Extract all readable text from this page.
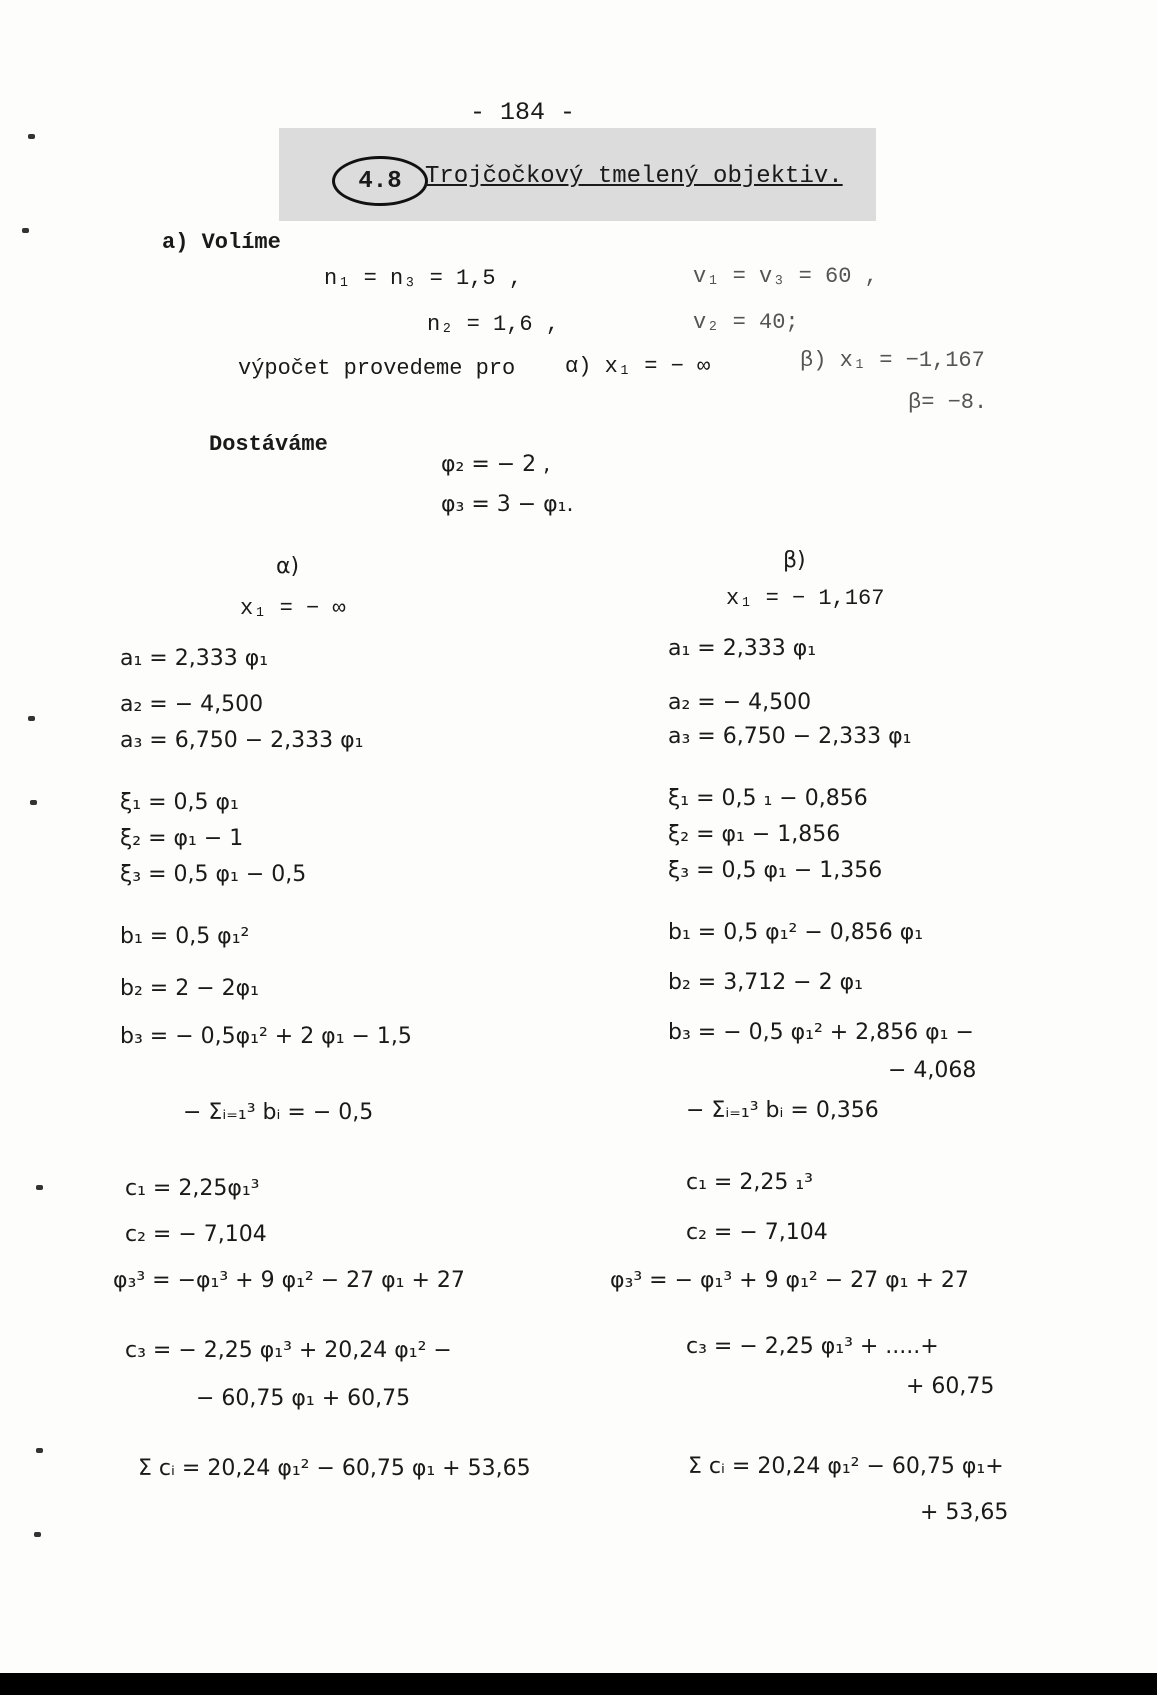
- 184 -
4.8 Trojčočkový tmelený objektiv.
a) Volíme
n₁ = n₃ = 1,5 ,	v₁ = v₃ = 60 ,
n₂ = 1,6 ,	v₂ = 40;
výpočet provedeme pro α) x₁ = − ∞	β) x₁ = −1,167
β= −8.
Dostáváme
φ₂ = − 2 ,
φ₃ = 3 − φ₁.
α)
x₁ = − ∞
a₁ = 2,333 φ₁
a₂ = − 4,500
a₃ = 6,750 − 2,333 φ₁
ξ₁ = 0,5 φ₁
ξ₂ = φ₁ − 1
ξ₃ = 0,5 φ₁ − 0,5
b₁ = 0,5 φ₁²
b₂ = 2 − 2φ₁
b₃ = − 0,5φ₁² + 2 φ₁ − 1,5
− Σᵢ₌₁³ bᵢ = − 0,5
c₁ = 2,25φ₁³
c₂ = − 7,104
φ₃³ = −φ₁³ + 9 φ₁² − 27 φ₁ + 27
c₃ = − 2,25 φ₁³ + 20,24 φ₁² −
− 60,75 φ₁ + 60,75
Σ cᵢ = 20,24 φ₁² − 60,75 φ₁ + 53,65
β)
x₁ = − 1,167
a₁ = 2,333 φ₁
a₂ = − 4,500
a₃ = 6,750 − 2,333 φ₁
ξ₁ = 0,5 ₁ − 0,856
ξ₂ = φ₁ − 1,856
ξ₃ = 0,5 φ₁ − 1,356
b₁ = 0,5 φ₁² − 0,856 φ₁
b₂ = 3,712 − 2 φ₁
b₃ = − 0,5 φ₁² + 2,856 φ₁ −
− 4,068
− Σᵢ₌₁³ bᵢ = 0,356
c₁ = 2,25 ₁³
c₂ = − 7,104
φ₃³ = − φ₁³ + 9 φ₁² − 27 φ₁ + 27
c₃ = − 2,25 φ₁³ + .....+
+ 60,75
Σ cᵢ = 20,24 φ₁² − 60,75 φ₁+
+ 53,65
